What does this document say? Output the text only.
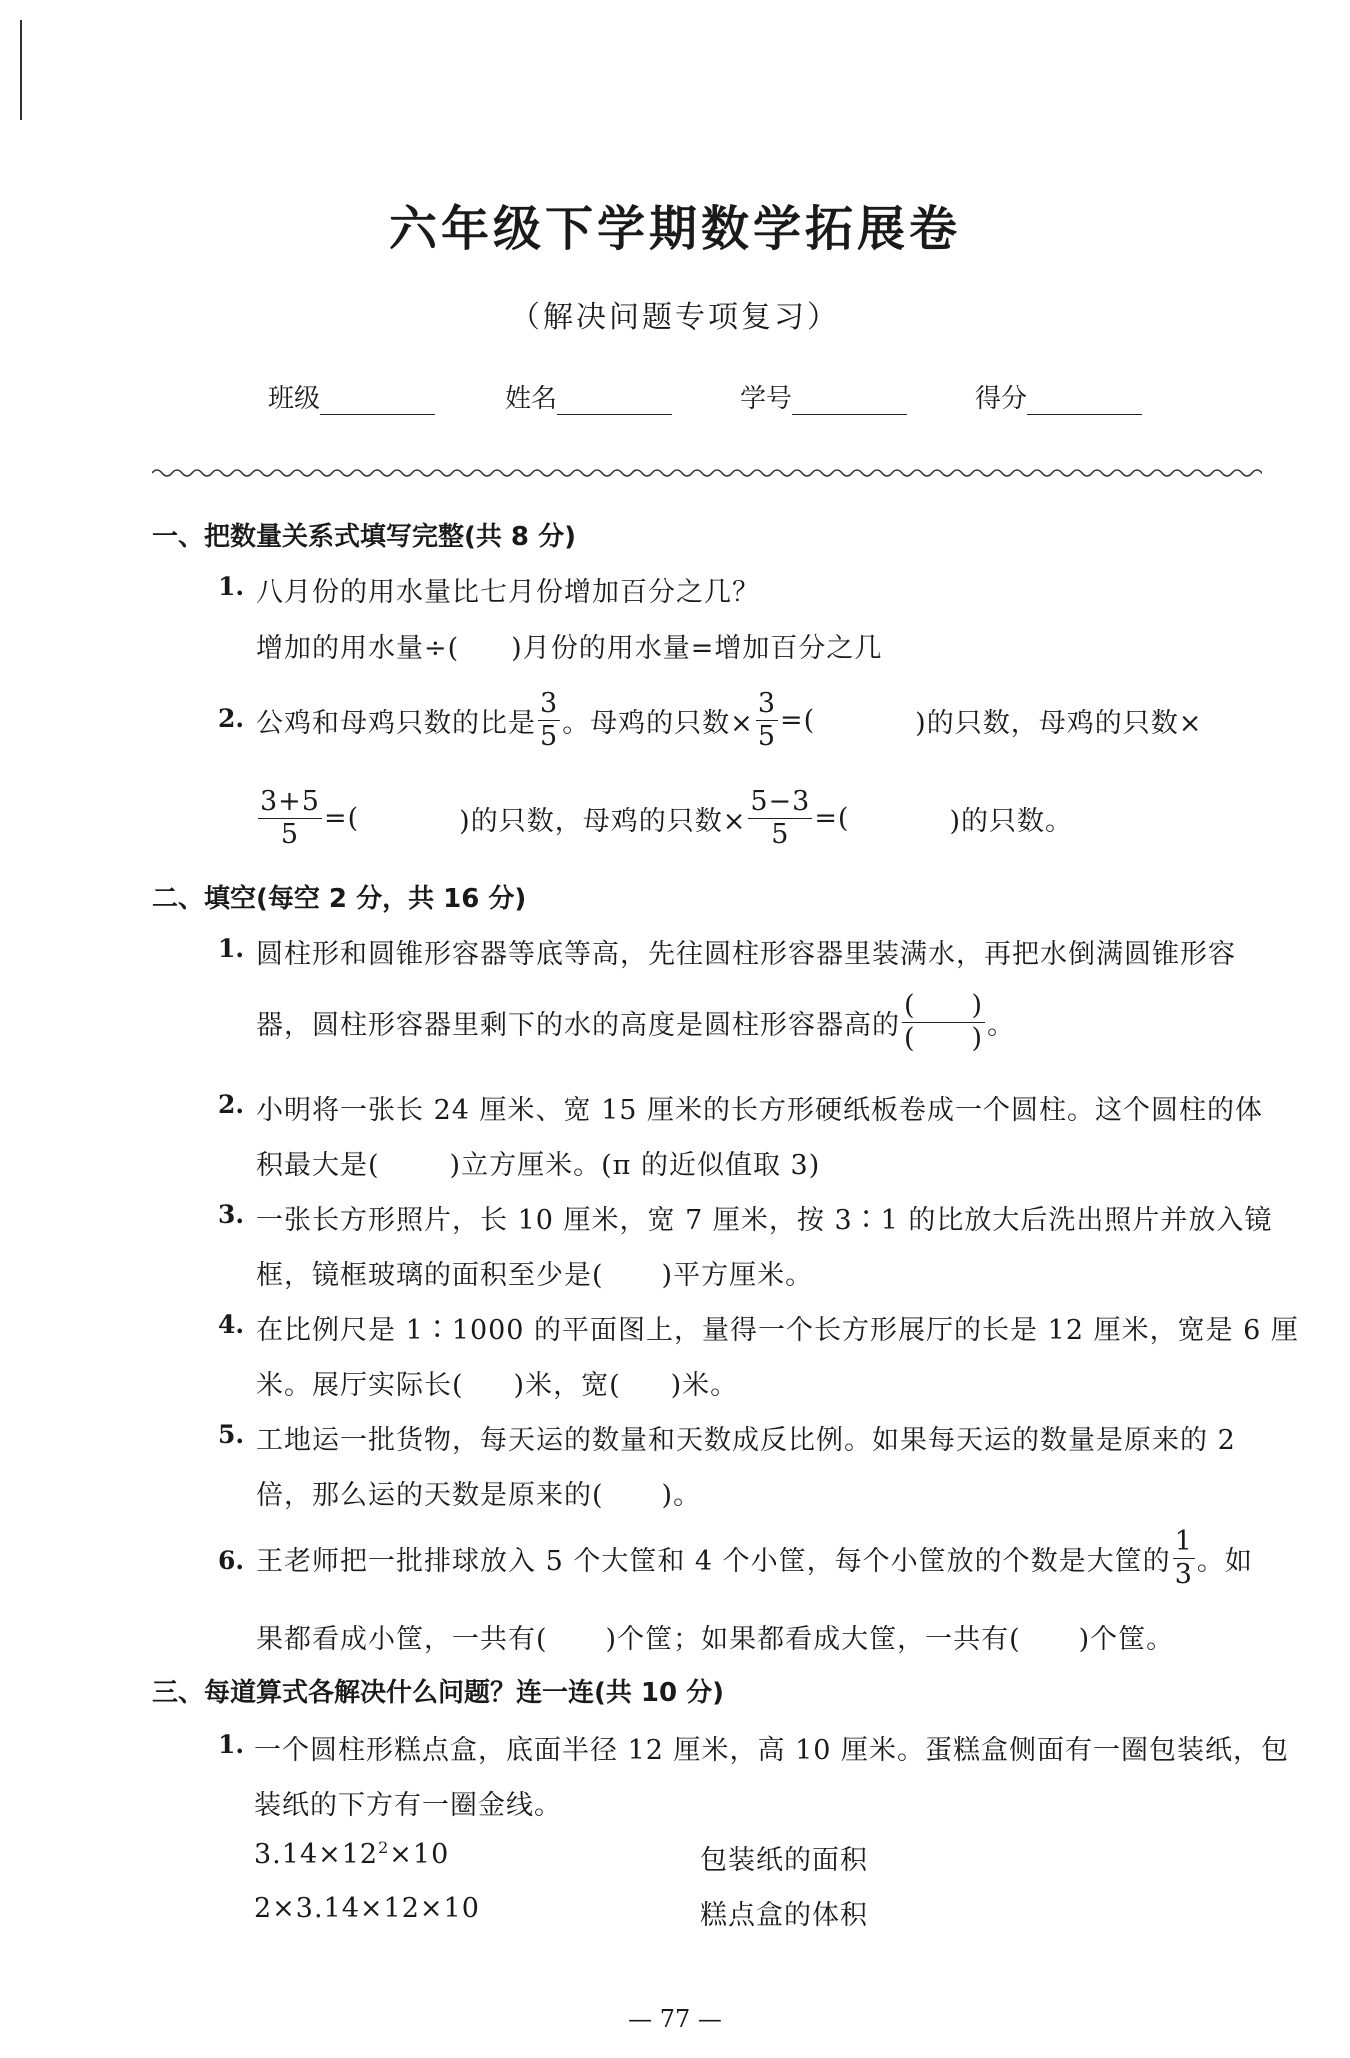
六年级下学期数学拓展卷
（解决问题专项复习）
班级	姓名	学号	得分
一、把数量关系式填写完整(共 8 分)
1. 八月份的用水量比七月份增加百分之几？
增加的用水量÷( )月份的用水量=增加百分之几
2. 公鸡和母鸡只数的比是 $\frac{3}{5}$ 。母鸡的只数× $\frac{3}{5}$ =(	)的只数，母鸡的只数×
$\frac{3+5}{5}$ =(	)的只数，母鸡的只数× $\frac{5-3}{5}$ =(	)的只数。
二、填空(每空 2 分，共 16 分)
1. 圆柱形和圆锥形容器等底等高，先往圆柱形容器里装满水，再把水倒满圆锥形容
器，圆柱形容器里剩下的水的高度是圆柱形容器高的 $\frac{( )}{( )}$ 。
2. 小明将一张长 24 厘米、宽 15 厘米的长方形硬纸板卷成一个圆柱。这个圆柱的体
积最大是(	)立方厘米。(π 的近似值取 3)
3. 一张长方形照片，长 10 厘米，宽 7 厘米，按 3∶1 的比放大后洗出照片并放入镜
框，镜框玻璃的面积至少是( )平方厘米。
4. 在比例尺是 1∶1000 的平面图上，量得一个长方形展厅的长是 12 厘米，宽是 6 厘
米。展厅实际长( )米，宽( )米。
5. 工地运一批货物，每天运的数量和天数成反比例。如果每天运的数量是原来的 2
倍，那么运的天数是原来的( )。
6. 王老师把一批排球放入 5 个大筐和 4 个小筐，每个小筐放的个数是大筐的 $\frac{1}{3}$ 。如
果都看成小筐，一共有( )个筐；如果都看成大筐，一共有( )个筐。
三、每道算式各解决什么问题？连一连(共 10 分)
1. 一个圆柱形糕点盒，底面半径 12 厘米，高 10 厘米。蛋糕盒侧面有一圈包装纸，包
装纸的下方有一圈金线。
$3.14\times 12^2\times 10$	包装纸的面积
2×3.14×12×10	糕点盒的体积
— 77 —
